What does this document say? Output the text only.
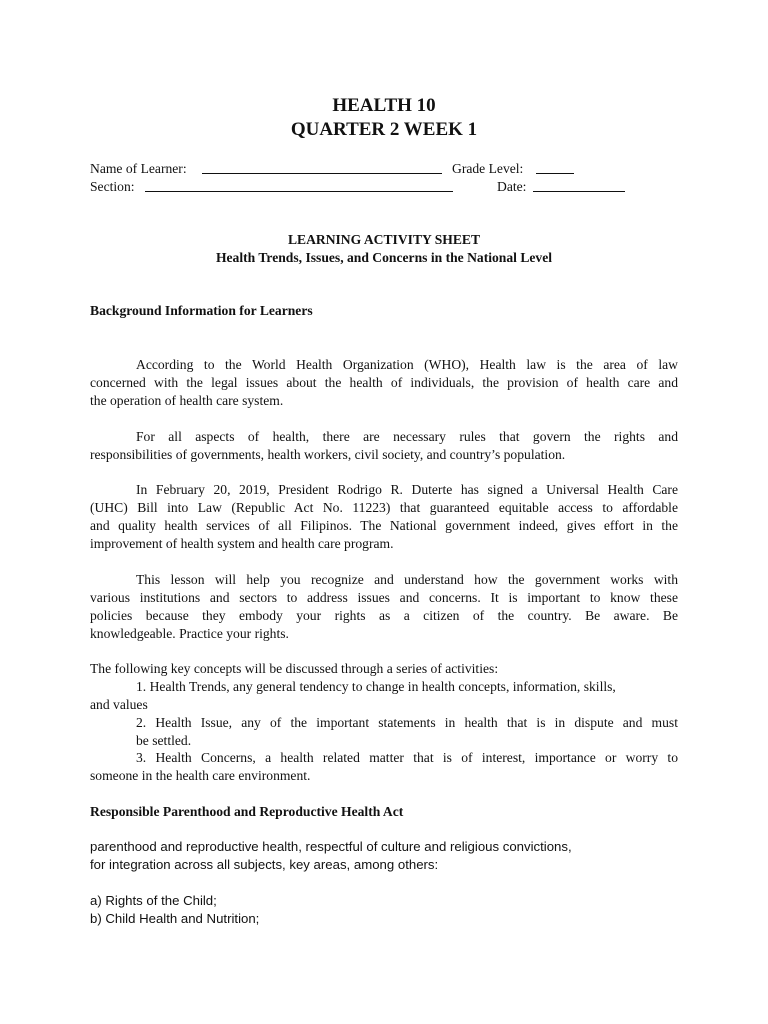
HEALTH 10
QUARTER 2 WEEK 1
Name of Learner:	Grade Level:
Section:	Date:
LEARNING ACTIVITY SHEET
Health Trends, Issues, and Concerns in the National Level
Background Information for Learners
According to the World Health Organization (WHO), Health law is the area of law
concerned with the legal issues about the health of individuals, the provision of health care and
the operation of health care system.
For all aspects of health, there are necessary rules that govern the rights and
responsibilities of governments, health workers, civil society, and country’s population.
In February 20, 2019, President Rodrigo R. Duterte has signed a Universal Health Care
(UHC) Bill into Law (Republic Act No. 11223) that guaranteed equitable access to affordable
and quality health services of all Filipinos. The National government indeed, gives effort in the
improvement of health system and health care program.
This lesson will help you recognize and understand how the government works with
various institutions and sectors to address issues and concerns. It is important to know these
policies because they embody your rights as a citizen of the country. Be aware. Be
knowledgeable. Practice your rights.
The following key concepts will be discussed through a series of activities:
1. Health Trends, any general tendency to change in health concepts, information, skills,
and values
2. Health Issue, any of the important statements in health that is in dispute and must
be settled.
3. Health Concerns, a health related matter that is of interest, importance or worry to
someone in the health care environment.
Responsible Parenthood and Reproductive Health Act
parenthood and reproductive health, respectful of culture and religious convictions,
for integration across all subjects, key areas, among others:
a) Rights of the Child;
b) Child Health and Nutrition;
